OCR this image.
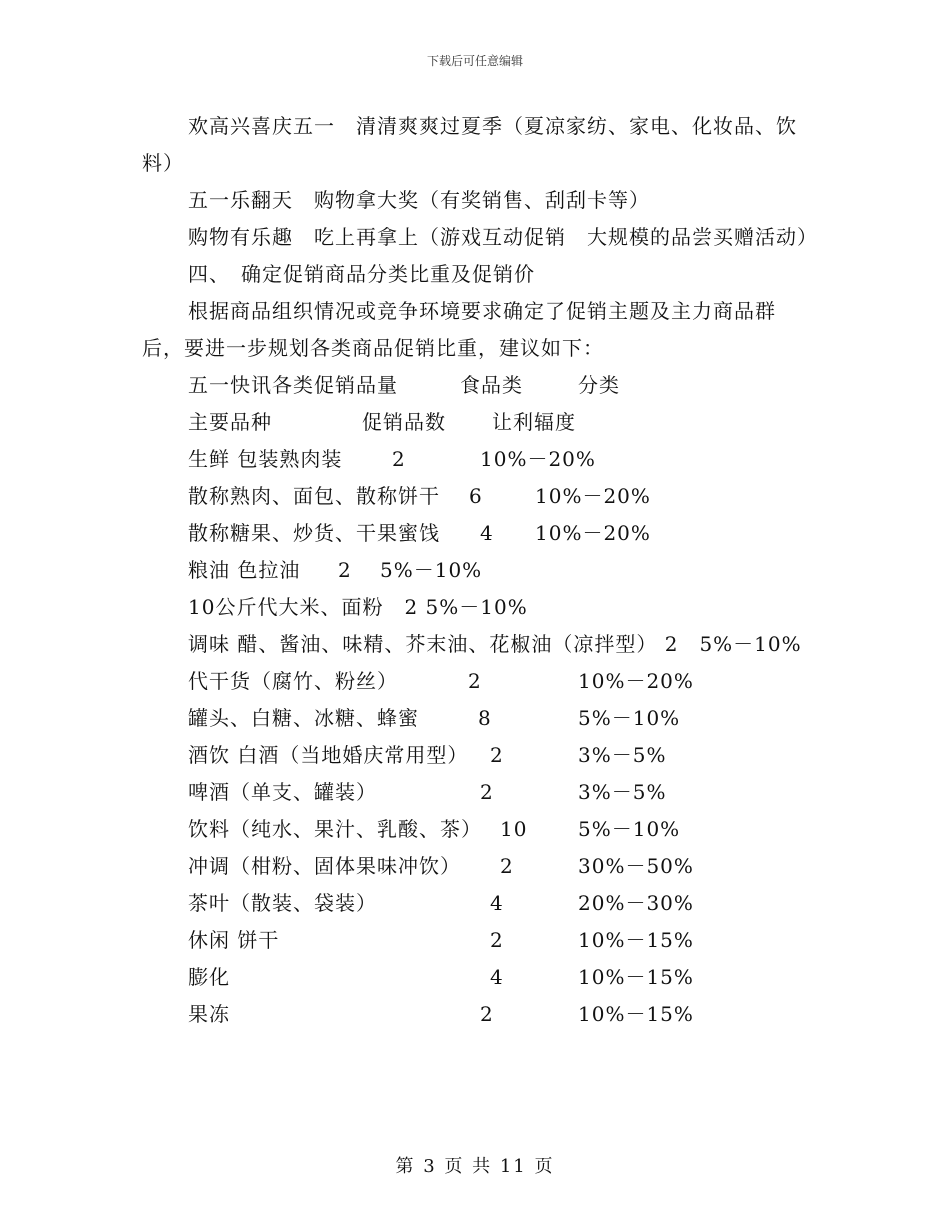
下载后可任意编辑

欢高兴喜庆五一　清清爽爽过夏季（夏凉家纺、家电、化妆品、饮料）

五一乐翻天　购物拿大奖（有奖销售、刮刮卡等）

购物有乐趣　吃上再拿上（游戏互动促销　大规模的品尝买赠活动）

四、　确定促销商品分类比重及促销价

根据商品组织情况或竞争环境要求确定了促销主题及主力商品群后，要进一步规划各类商品促销比重，建议如下：

五一快讯各类促销品量	食品类	分类
主要品种	促销品数 让利辐度
生鲜 包装熟肉装 2	10%－20%
散称熟肉、面包、散称饼干 6	10%－20%
散称糖果、炒货、干果蜜饯 4 10%－20%
粮油 色拉油 2 5%－10%

10公斤代大米、面粉　2 5%－10%

调味 醋、酱油、味精、芥末油、花椒油（凉拌型） 2　5%－10%

代干货（腐竹、粉丝）	2	10%－20%
罐头、白糖、冰糖、蜂蜜	8	5%－10%
酒饮 白酒（当地婚庆常用型） 2	3%－5%
啤酒（单支、罐装）	2	3%－5%
饮料（纯水、果汁、乳酸、茶） 10	5%－10%
冲调（柑粉、固体果味冲饮） 2	30%－50%
茶叶（散装、袋装）	4	20%－30%
休闲 饼干	2	10%－15%
膨化	4	10%－15%
果冻	2	10%－15%
第 3 页 共 11 页
